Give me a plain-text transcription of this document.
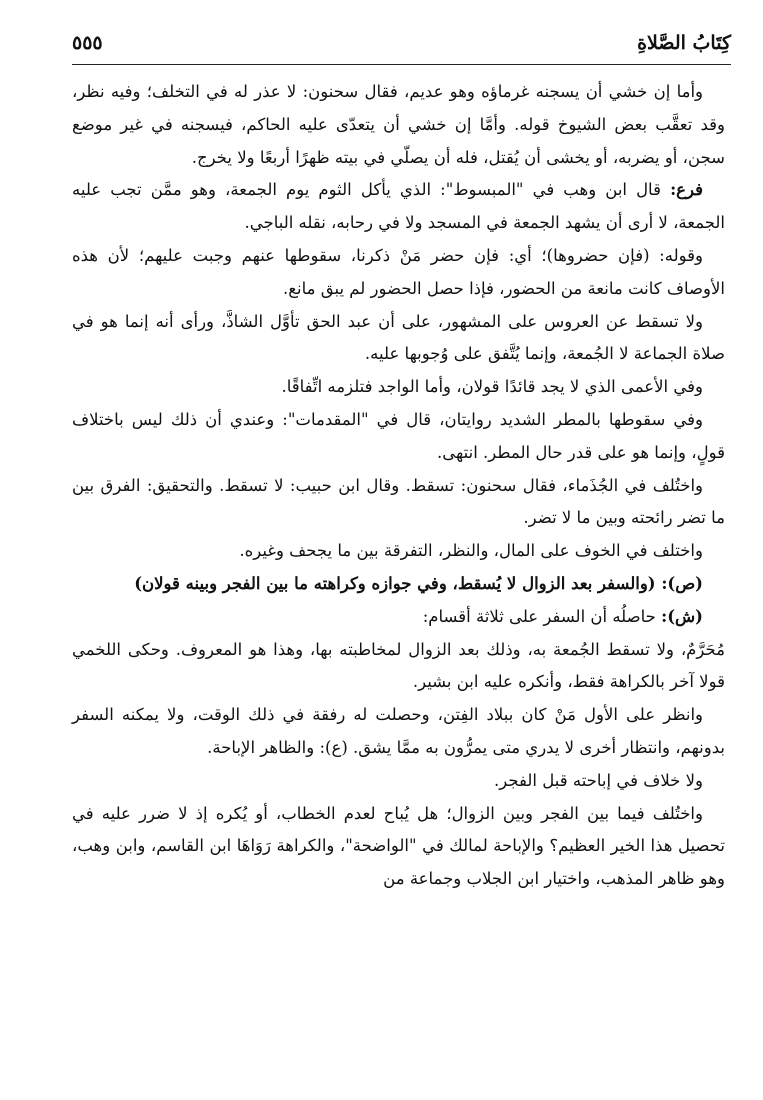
كِتَابُ الصَّلاةِ
٥٥٥

وأما إن خشي أن يسجنه غرماؤه وهو عديم، فقال سحنون: لا عذر له في التخلف؛ وفيه نظر، وقد تعقَّب بعض الشيوخ قوله. وأمَّا إن خشي أن يتعدّى عليه الحاكم، فيسجنه في غير موضع سجن، أو يضربه، أو يخشى أن يُقتل، فله أن يصلّي في بيته ظهرًا أربعًا ولا يخرج.

فرع: قال ابن وهب في "المبسوط": الذي يأكل الثوم يوم الجمعة، وهو ممَّن تجب عليه الجمعة، لا أرى أن يشهد الجمعة في المسجد ولا في رحابه، نقله الباجي.

وقوله: (فإن حضروها)؛ أي: فإن حضر مَنْ ذكرنا، سقوطها عنهم وجبت عليهم؛ لأن هذه الأوصاف كانت مانعة من الحضور، فإذا حصل الحضور لم يبق مانع.

ولا تسقط عن العروس على المشهور، على أن عبد الحق تأوَّل الشاذَّ، ورأى أنه إنما هو في صلاة الجماعة لا الجُمعة، وإنما يُتَّفق على وُجوبها عليه.

وفي الأعمى الذي لا يجد قائدًا قولان، وأما الواجد فتلزمه اتِّفاقًا.

وفي سقوطها بالمطر الشديد روايتان، قال في "المقدمات": وعندي أن ذلك ليس باختلاف قولٍ، وإنما هو على قدر حال المطر. انتهى.

واختُلف في الجُذَماء، فقال سحنون: تسقط. وقال ابن حبيب: لا تسقط. والتحقيق: الفرق بين ما تضر رائحته وبين ما لا تضر.

واختلف في الخوف على المال، والنظر، التفرقة بين ما يجحف وغيره.

(ص): (والسفر بعد الزوال لا يُسقط، وفي جوازه وكراهته ما بين الفجر وبينه قولان)

(ش): حاصلُه أن السفر على ثلاثة أقسام:

مُحَرَّمٌ، ولا تسقط الجُمعة به، وذلك بعد الزوال لمخاطبته بها، وهذا هو المعروف. وحكى اللخمي قولا آخر بالكراهة فقط، وأنكره عليه ابن بشير.

وانظر على الأول مَنْ كان ببلاد الفِتن، وحصلت له رفقة في ذلك الوقت، ولا يمكنه السفر بدونهم، وانتظار أخرى لا يدري متى يمرُّون به ممَّا يشق. (ع): والظاهر الإباحة.

ولا خلاف في إباحته قبل الفجر.

واختُلف فيما بين الفجر وبين الزوال؛ هل يُباح لعدم الخطاب، أو يُكره إذ لا ضرر عليه في تحصيل هذا الخير العظيم؟ والإباحة لمالك في "الواضحة"، والكراهة رَوَاهَا ابن القاسم، وابن وهب، وهو ظاهر المذهب، واختيار ابن الجلاب وجماعة من
